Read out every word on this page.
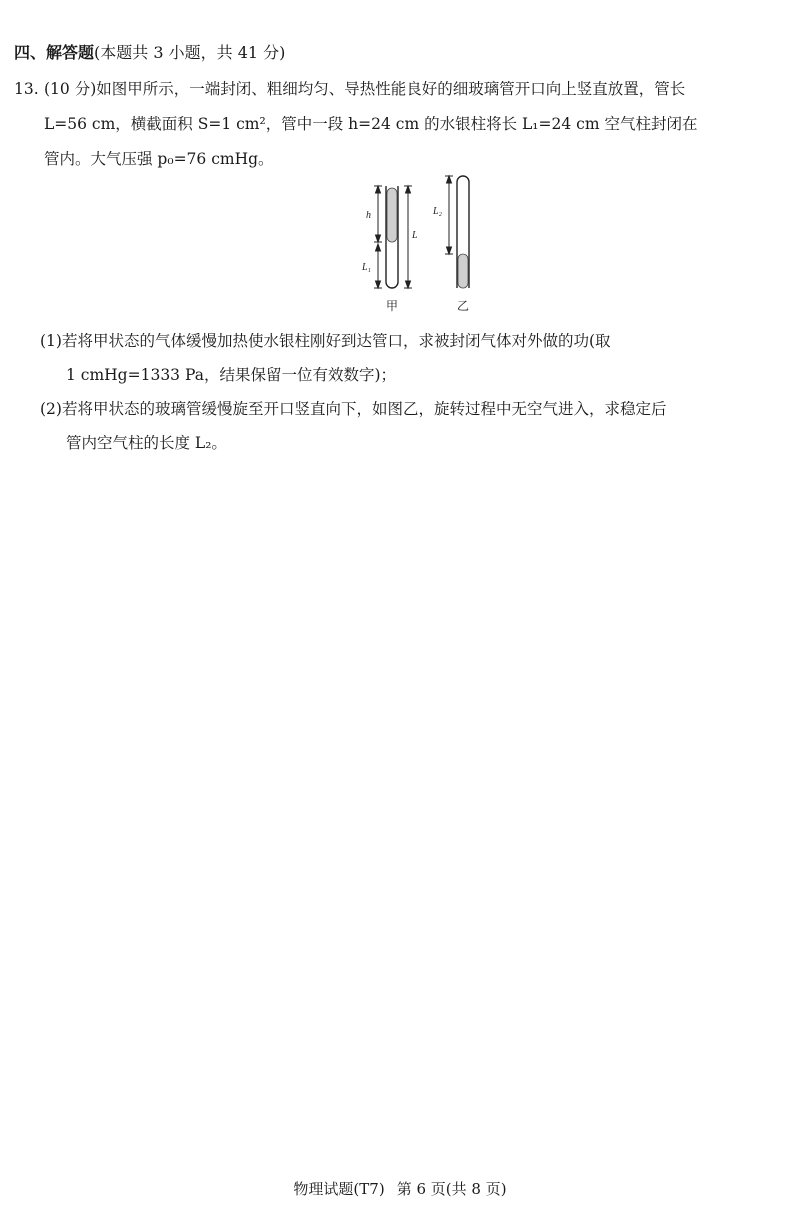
四、解答题(本题共 3 小题，共 41 分)
13. (10 分)如图甲所示，一端封闭、粗细均匀、导热性能良好的细玻璃管开口向上竖直放置，管长
L=56 cm，横截面积 S=1 cm²，管中一段 h=24 cm 的水银柱将长 L₁=24 cm 空气柱封闭在
管内。大气压强 p₀=76 cmHg。
h
L
L₁
L₂
甲	乙
(1)若将甲状态的气体缓慢加热使水银柱刚好到达管口，求被封闭气体对外做的功(取
1 cmHg=1333 Pa，结果保留一位有效数字)；
(2)若将甲状态的玻璃管缓慢旋至开口竖直向下，如图乙，旋转过程中无空气进入，求稳定后
管内空气柱的长度 L₂。
物理试题(T7) 第 6 页(共 8 页)
